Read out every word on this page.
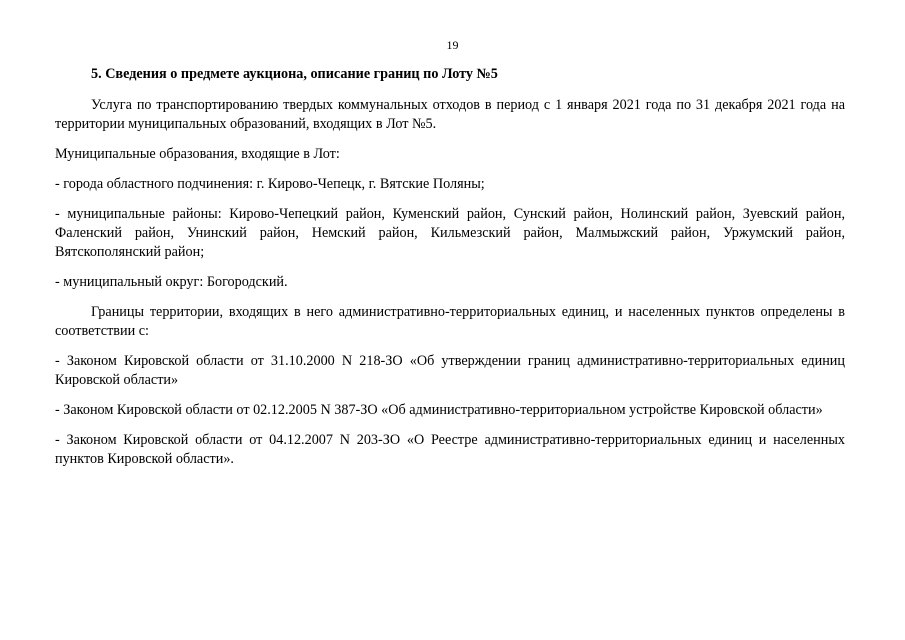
19

5. Сведения о предмете аукциона, описание границ по Лоту №5

Услуга по транспортированию твердых коммунальных отходов в период с 1 января 2021 года по 31 декабря 2021 года на территории муниципальных образований, входящих в Лот №5.

Муниципальные образования, входящие в Лот:

- города областного подчинения: г. Кирово-Чепецк, г. Вятские Поляны;

- муниципальные районы: Кирово-Чепецкий район, Куменский район, Сунский район, Нолинский район, Зуевский район, Фаленский район, Унинский район, Немский район, Кильмезский район, Малмыжский район, Уржумский район, Вятскополянский район;

- муниципальный округ: Богородский.

Границы территории, входящих в него административно-территориальных единиц, и населенных пунктов определены в соответствии с:

- Законом Кировской области от 31.10.2000 N 218-ЗО «Об утверждении границ административно-территориальных единиц Кировской области»

- Законом Кировской области от 02.12.2005 N 387-ЗО «Об административно-территориальном устройстве Кировской области»

- Законом Кировской области от 04.12.2007 N 203-ЗО «О Реестре административно-территориальных единиц и населенных пунктов Кировской области».
